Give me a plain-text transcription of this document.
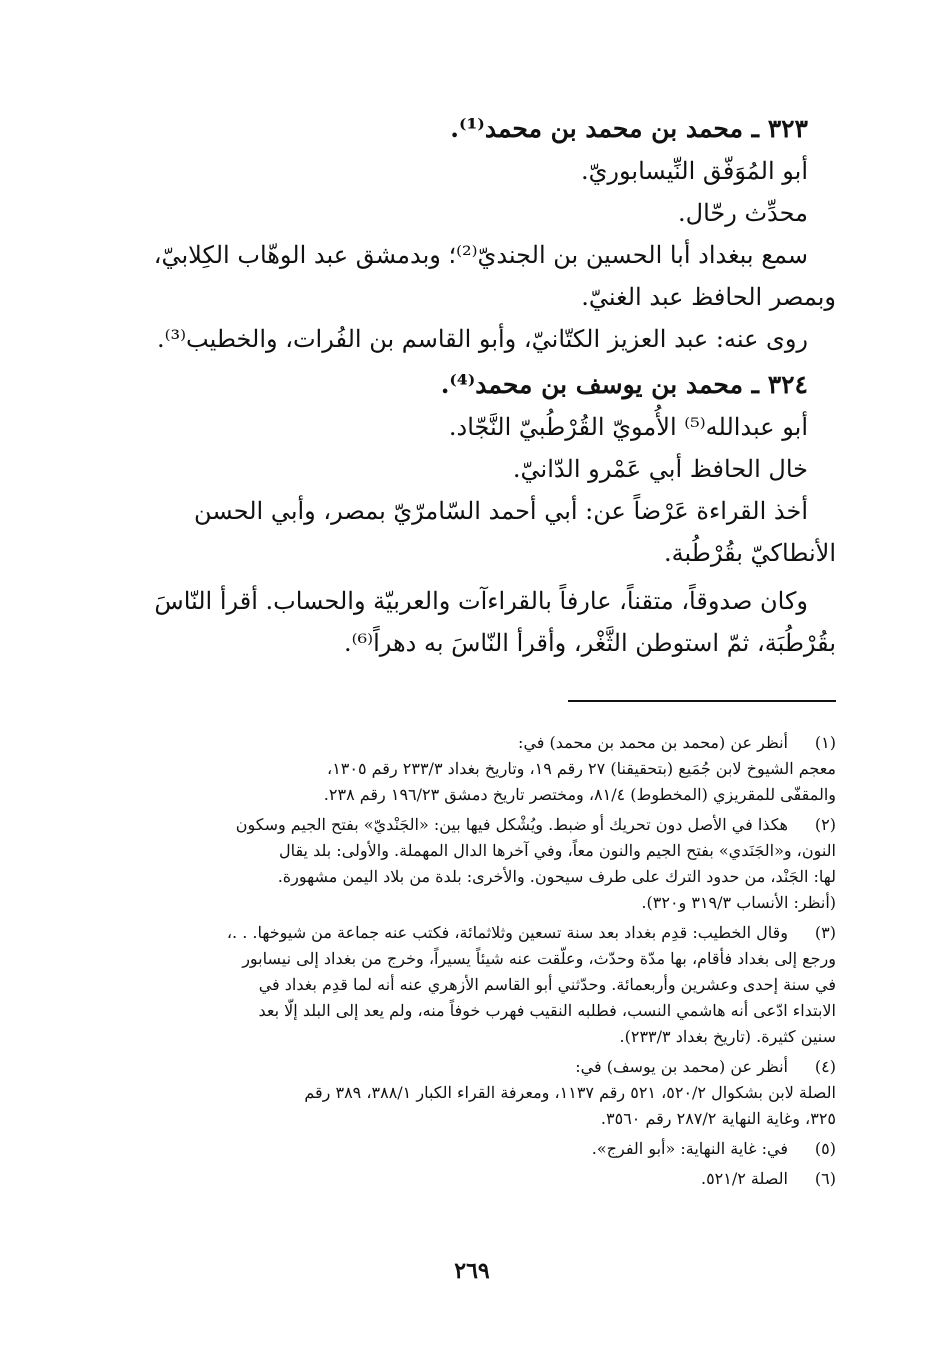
٣٢٣ ـ محمد بن محمد بن محمد⁽¹⁾.
أبو المُوَفّق النِّيسابوريّ.
محدِّث رحّال.
سمع ببغداد أبا الحسين بن الجنديّ⁽²⁾؛ وبدمشق عبد الوهّاب الكِلابيّ،
وبمصر الحافظ عبد الغنيّ.
روى عنه: عبد العزيز الكتّانيّ، وأبو القاسم بن الفُرات، والخطيب⁽³⁾.
٣٢٤ ـ محمد بن يوسف بن محمد⁽⁴⁾.
أبو عبدالله⁽⁵⁾ الأُمويّ القُرْطُبيّ النَّجّاد.
خال الحافظ أبي عَمْرو الدّانيّ.
أخذ القراءة عَرْضاً عن: أبي أحمد السّامرّيّ بمصر، وأبي الحسن
الأنطاكيّ بقُرْطُبة.
وكان صدوقاً، متقناً، عارفاً بالقراءآت والعربيّة والحساب. أقرأ النّاسَ
بقُرْطُبَة، ثمّ استوطن الثَّغْر، وأقرأ النّاسَ به دهراً⁽⁶⁾.
(١)
أنظر عن (محمد بن محمد بن محمد) في:
معجم الشيوخ لابن جُمَيع (بتحقيقنا) ٢٧ رقم ١٩، وتاريخ بغداد ٢٣٣/٣ رقم ١٣٠٥،
والمقفّى للمقريزي (المخطوط) ٨١/٤، ومختصر تاريخ دمشق ١٩٦/٢٣ رقم ٢٣٨.
(٢)
هكذا في الأصل دون تحريك أو ضبط. ويُشْكل فيها بين: «الجَنْديّ» بفتح الجيم وسكون
النون، و«الجَنَدي» بفتح الجيم والنون معاً، وفي آخرها الدال المهملة. والأولى: بلد يقال
لها: الجَنْد، من حدود الترك على طرف سيحون. والأخرى: بلدة من بلاد اليمن مشهورة.
(أنظر: الأنساب ٣١٩/٣ و٣٢٠).
(٣)
وقال الخطيب: قدِم بغداد بعد سنة تسعين وثلاثمائة، فكتب عنه جماعة من شيوخها. . .،
ورجع إلى بغداد فأقام، بها مدّة وحدّث، وعلّقت عنه شيئاً يسيراً، وخرج من بغداد إلى نيسابور
في سنة إحدى وعشرين وأربعمائة. وحدّثني أبو القاسم الأزهري عنه أنه لما قدِم بغداد في
الابتداء ادّعى أنه هاشمي النسب، فطلبه النقيب فهرب خوفاً منه، ولم يعد إلى البلد إلّا بعد
سنين كثيرة. (تاريخ بغداد ٢٣٣/٣).
(٤)
أنظر عن (محمد بن يوسف) في:
الصلة لابن بشكوال ٥٢٠/٢، ٥٢١ رقم ١١٣٧، ومعرفة القراء الكبار ٣٨٨/١، ٣٨٩ رقم
٣٢٥، وغاية النهاية ٢٨٧/٢ رقم ٣٥٦٠.
(٥)
في: غاية النهاية: «أبو الفرج».
(٦)
الصلة ٥٢١/٢.
٢٦٩
